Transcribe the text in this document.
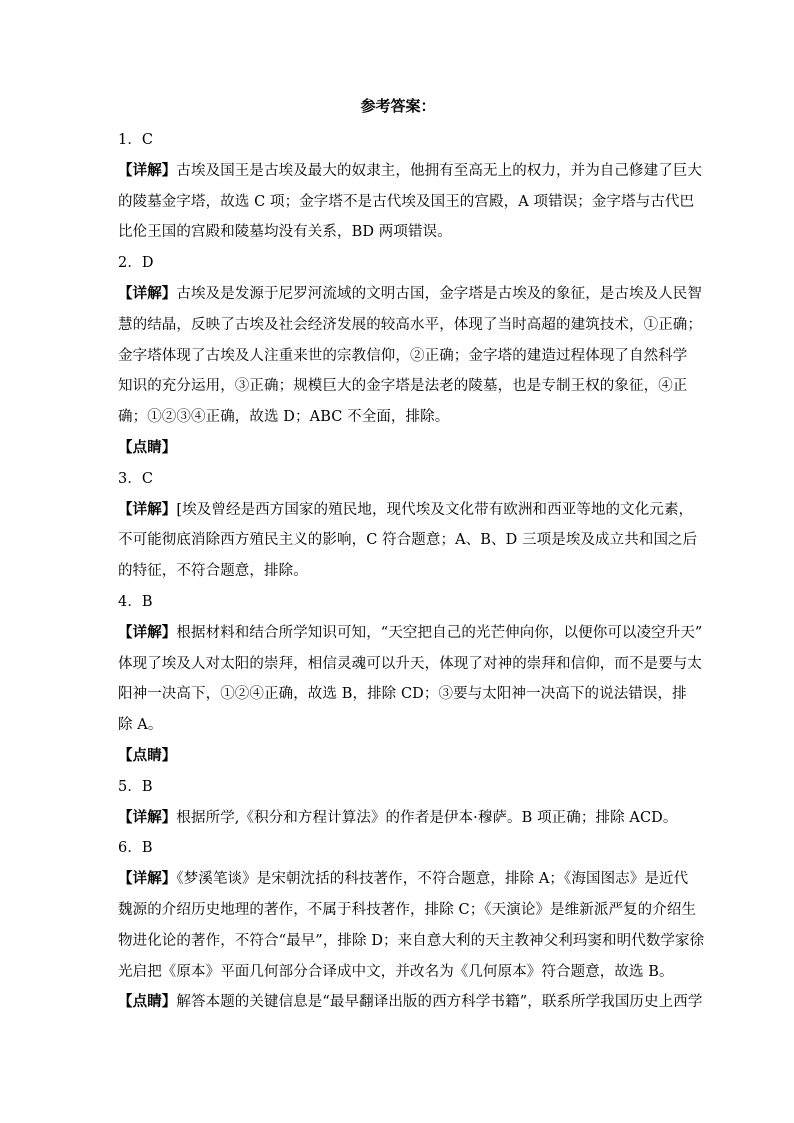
参考答案：
1．C
【详解】古埃及国王是古埃及最大的奴隶主，他拥有至高无上的权力，并为自己修建了巨大
的陵墓金字塔，故选 C 项；金字塔不是古代埃及国王的宫殿，A 项错误；金字塔与古代巴
比伦王国的宫殿和陵墓均没有关系，BD 两项错误。
2．D
【详解】古埃及是发源于尼罗河流域的文明古国，金字塔是古埃及的象征，是古埃及人民智
慧的结晶，反映了古埃及社会经济发展的较高水平，体现了当时高超的建筑技术，①正确；
金字塔体现了古埃及人注重来世的宗教信仰，②正确；金字塔的建造过程体现了自然科学
知识的充分运用，③正确；规模巨大的金字塔是法老的陵墓，也是专制王权的象征，④正
确；①②③④正确，故选 D；ABC 不全面，排除。
【点睛】
3．C
【详解】[埃及曾经是西方国家的殖民地，现代埃及文化带有欧洲和西亚等地的文化元素，
不可能彻底消除西方殖民主义的影响，C 符合题意；A、B、D 三项是埃及成立共和国之后
的特征，不符合题意，排除。
4．B
【详解】根据材料和结合所学知识可知，“天空把自己的光芒伸向你，以便你可以凌空升天”
体现了埃及人对太阳的崇拜，相信灵魂可以升天，体现了对神的崇拜和信仰，而不是要与太
阳神一决高下，①②④正确，故选 B，排除 CD；③要与太阳神一决高下的说法错误，排
除 A。
【点睛】
5．B
【详解】根据所学,《积分和方程计算法》的作者是伊本·穆萨。B 项正确；排除 ACD。
6．B
【详解】《梦溪笔谈》是宋朝沈括的科技著作，不符合题意，排除 A；《海国图志》是近代
魏源的介绍历史地理的著作，不属于科技著作，排除 C；《天演论》是维新派严复的介绍生
物进化论的著作，不符合“最早”，排除 D；来自意大利的天主教神父利玛窦和明代数学家徐
光启把《原本》平面几何部分合译成中文，并改名为《几何原本》符合题意，故选 B。
【点睛】解答本题的关键信息是“最早翻译出版的西方科学书籍”，联系所学我国历史上西学
